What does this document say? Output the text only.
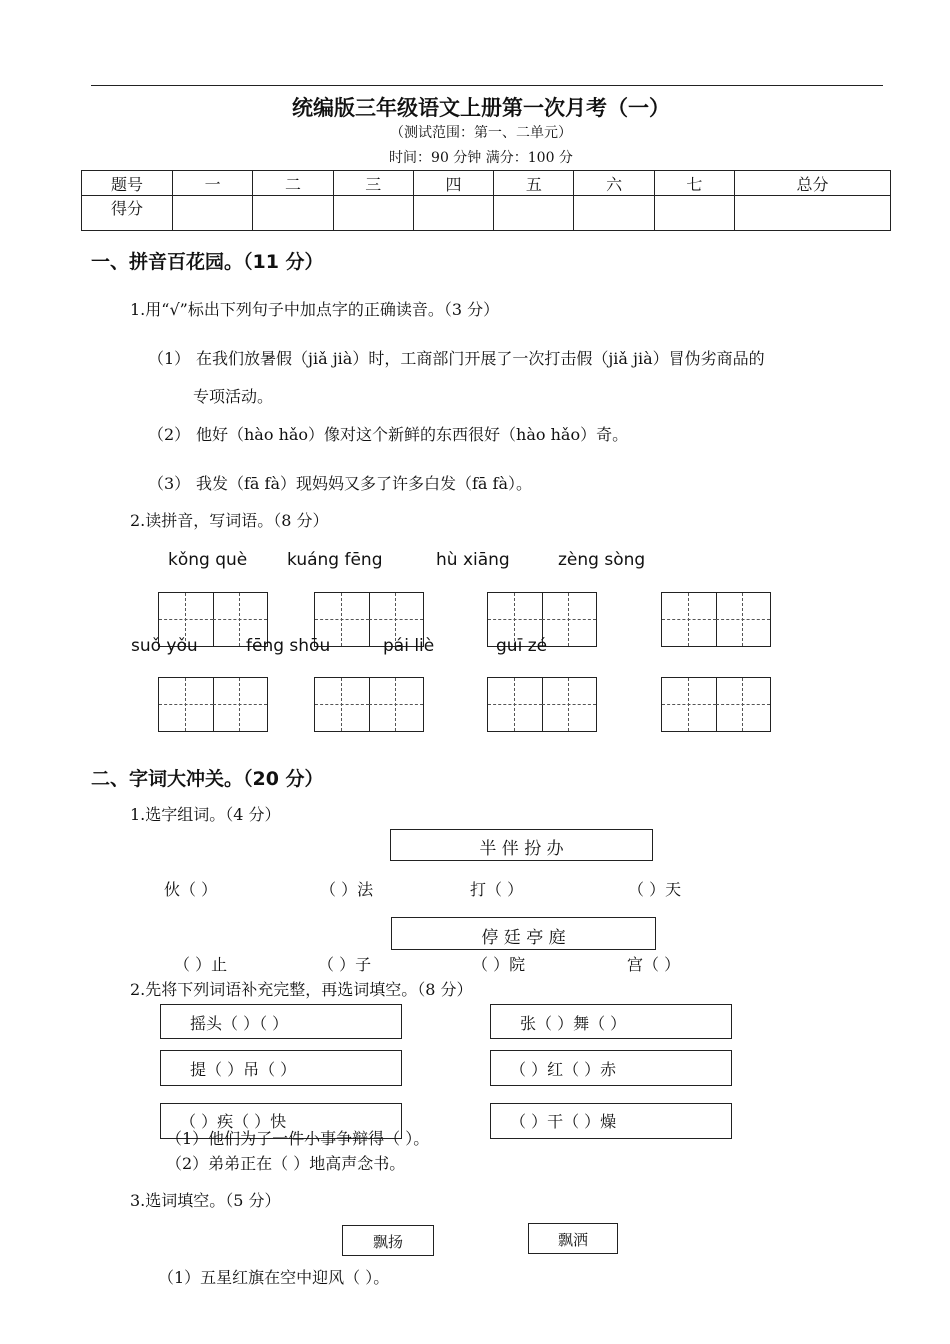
统编版三年级语文上册第一次月考（一）
（测试范围：第一、二单元）
时间：90 分钟 满分：100 分
题号	一	二	三	四	五	六	七	总分
得分								
一、拼音百花园。（11 分）
1.用“√”标出下列句子中加点字的正确读音。（3 分）
（1） 在我们放暑假（jiǎ jià）时，工商部门开展了一次打击假（jiǎ jià）冒伪劣商品的
专项活动。
（2） 他好（hào hǎo）像对这个新鲜的东西很好（hào hǎo）奇。
（3） 我发（fā fà）现妈妈又多了许多白发（fā fà）。
2.读拼音，写词语。（8 分）
kǒng què kuáng fēng	hù xiāng	zèng sòng
suǒ yǒu	fēng shōu	pái liè	guī zé
二、字词大冲关。（20 分）
1.选字组词。（4 分）
半 伴 扮 办
伙（ ）	（ ）法	打（ ）	（ ）天
停 廷 亭 庭
（ ）止	（ ）子	（ ）院	宫（ ）
2.先将下列词语补充完整，再选词填空。（8 分）
摇头（ ）（ ）
提（ ）吊（ ）
（ ）疾（ ）快
张（ ）舞（ ）
（ ）红（ ）赤
（ ）干（ ）燥
（1）他们为了一件小事争辩得（ ）。
（2）弟弟正在（ ）地高声念书。
3.选词填空。（5 分）
飘扬	飘洒
（1）五星红旗在空中迎风（ ）。
